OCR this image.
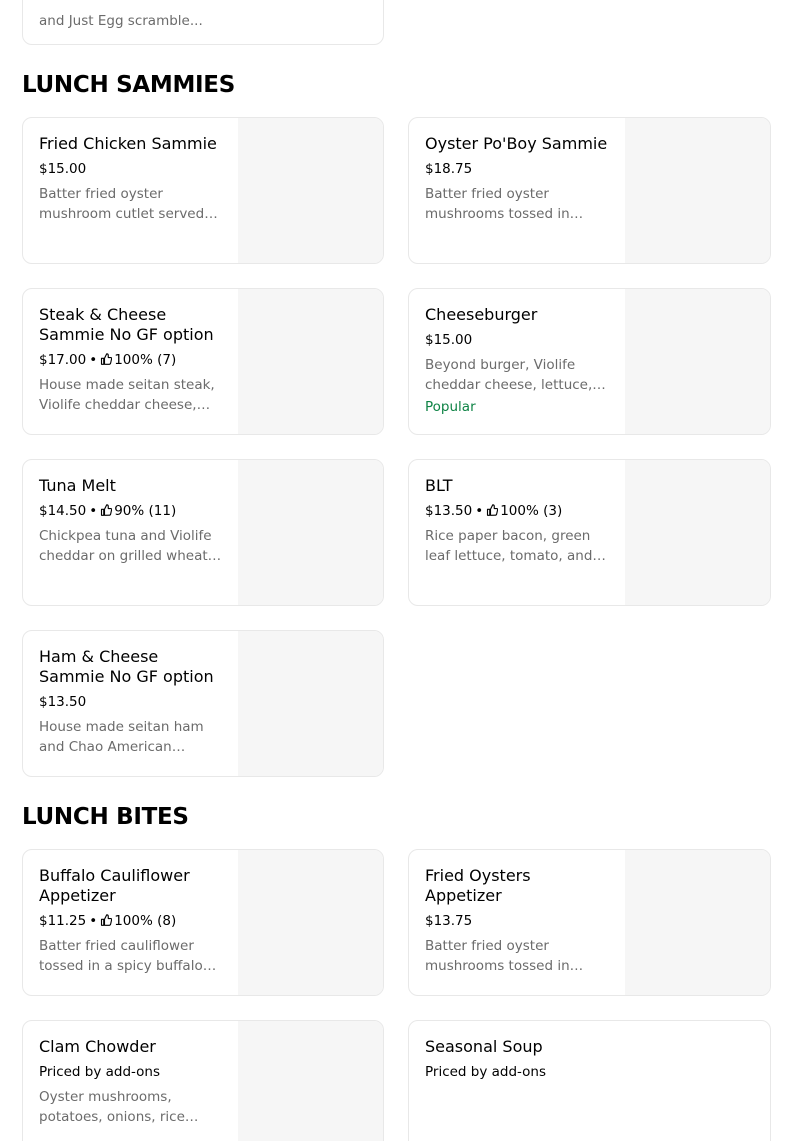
and Just Egg scramble...
LUNCH SAMMIES
Fried Chicken Sammie
$15.00
Batter fried oyster mushroom cutlet served
Oyster Po'Boy Sammie
$18.75
Batter fried oyster mushrooms tossed in
Steak & Cheese Sammie No GF option
$17.00 • 100% (7)
House made seitan steak, Violife cheddar cheese,
Cheeseburger
$15.00
Beyond burger, Violife cheddar cheese, lettuce,
Popular
Tuna Melt
$14.50 • 90% (11)
Chickpea tuna and Violife cheddar on grilled wheat
BLT
$13.50 • 100% (3)
Rice paper bacon, green leaf lettuce, tomato, and
Ham & Cheese Sammie No GF option
$13.50
House made seitan ham and Chao American
LUNCH BITES
Buffalo Cauliflower Appetizer
$11.25 • 100% (8)
Batter fried cauliflower tossed in a spicy buffalo
Fried Oysters Appetizer
$13.75
Batter fried oyster mushrooms tossed in
Clam Chowder
Priced by add-ons
Oyster mushrooms, potatoes, onions, rice
Seasonal Soup
Priced by add-ons
